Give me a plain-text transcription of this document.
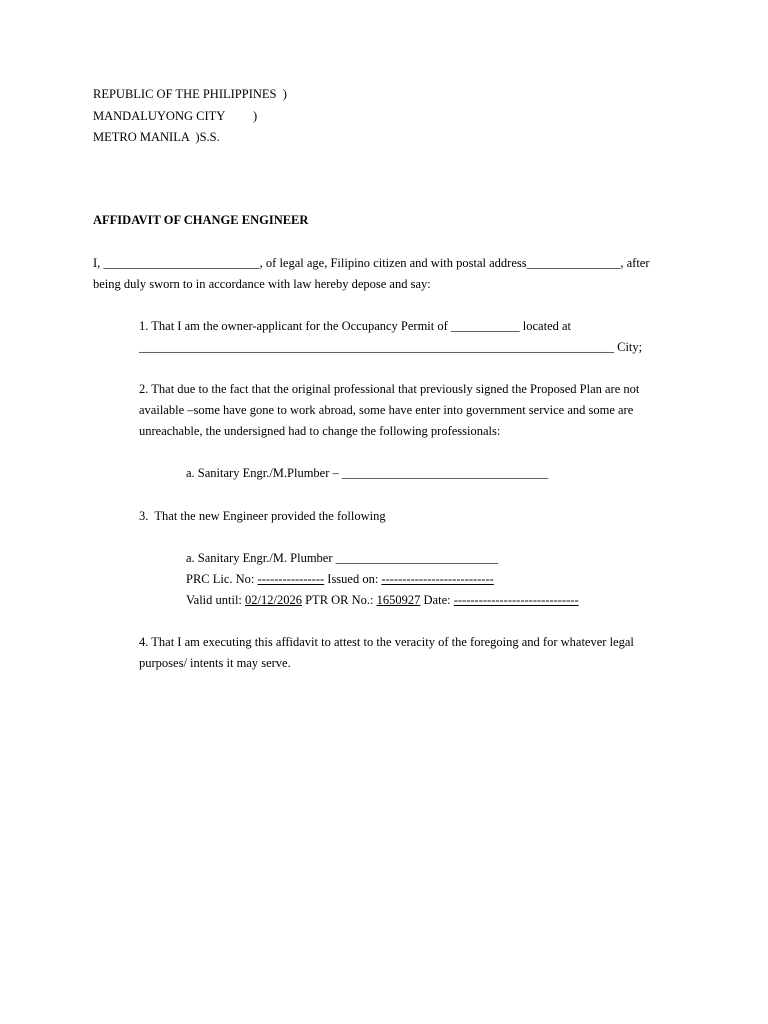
REPUBLIC OF THE PHILIPPINES  )
MANDALUYONG CITY         )
METRO MANILA  )S.S.
AFFIDAVIT OF CHANGE ENGINEER
I, _________________________, of legal age, Filipino citizen and with postal address_______________, after
being duly sworn to in accordance with law hereby depose and say:
1. That I am the owner-applicant for the Occupancy Permit of ___________ located at
____________________________________________________________________________ City;
2. That due to the fact that the original professional that previously signed the Proposed Plan are not
available –some have gone to work abroad, some have enter into government service and some are
unreachable, the undersigned had to change the following professionals:
a. Sanitary Engr./M.Plumber – _________________________________
3.  That the new Engineer provided the following
a. Sanitary Engr./M. Plumber __________________________
PRC Lic. No: ---------------- Issued on: ---------------------------
Valid until: 02/12/2026 PTR OR No.: 1650927 Date: ------------------------------
4. That I am executing this affidavit to attest to the veracity of the foregoing and for whatever legal
purposes/ intents it may serve.
